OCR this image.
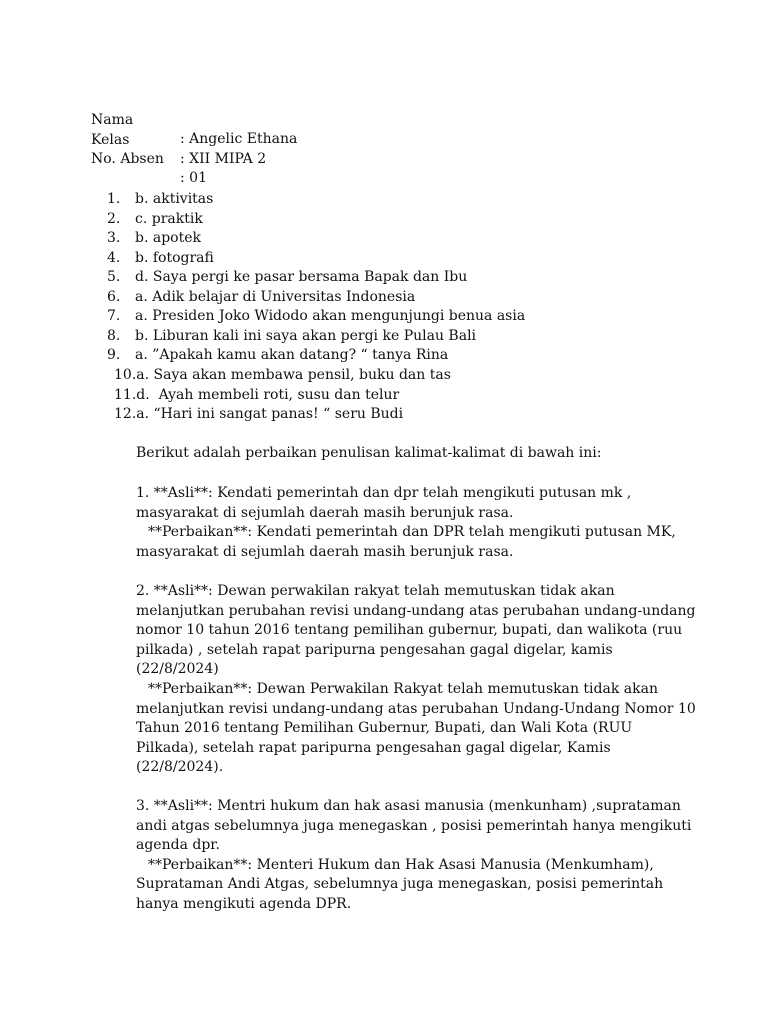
Nama

: Angelic Ethana

Kelas

: XII MIPA 2

No. Absen

: 01

1. b. aktivitas
2. c. praktik
3. b. apotek
4. b. fotografi
5. d. Saya pergi ke pasar bersama Bapak dan Ibu
6. a. Adik belajar di Universitas Indonesia
7. a. Presiden Joko Widodo akan mengunjungi benua asia
8. b. Liburan kali ini saya akan pergi ke Pulau Bali
9. a. ”Apakah kamu akan datang? “ tanya Rina
10.a. Saya akan membawa pensil, buku dan tas
11.d.  Ayah membeli roti, susu dan telur
12.a. “Hari ini sangat panas! “ seru Budi
Berikut adalah perbaikan penulisan kalimat-kalimat di bawah ini:
1. **Asli**: Kendati pemerintah dan dpr telah mengikuti putusan mk , masyarakat di sejumlah daerah masih berunjuk rasa.
**Perbaikan**: Kendati pemerintah dan DPR telah mengikuti putusan MK, masyarakat di sejumlah daerah masih berunjuk rasa.
2. **Asli**: Dewan perwakilan rakyat telah memutuskan tidak akan melanjutkan perubahan revisi undang-undang atas perubahan undang-undang nomor 10 tahun 2016 tentang pemilihan gubernur, bupati, dan walikota (ruu pilkada) , setelah rapat paripurna pengesahan gagal digelar, kamis (22/8/2024)
**Perbaikan**: Dewan Perwakilan Rakyat telah memutuskan tidak akan melanjutkan revisi undang-undang atas perubahan Undang-Undang Nomor 10 Tahun 2016 tentang Pemilihan Gubernur, Bupati, dan Wali Kota (RUU Pilkada), setelah rapat paripurna pengesahan gagal digelar, Kamis (22/8/2024).
3. **Asli**: Mentri hukum dan hak asasi manusia (menkunham) ,suprataman andi atgas sebelumnya juga menegaskan , posisi pemerintah hanya mengikuti agenda dpr.
**Perbaikan**: Menteri Hukum dan Hak Asasi Manusia (Menkumham), Suprataman Andi Atgas, sebelumnya juga menegaskan, posisi pemerintah hanya mengikuti agenda DPR.
